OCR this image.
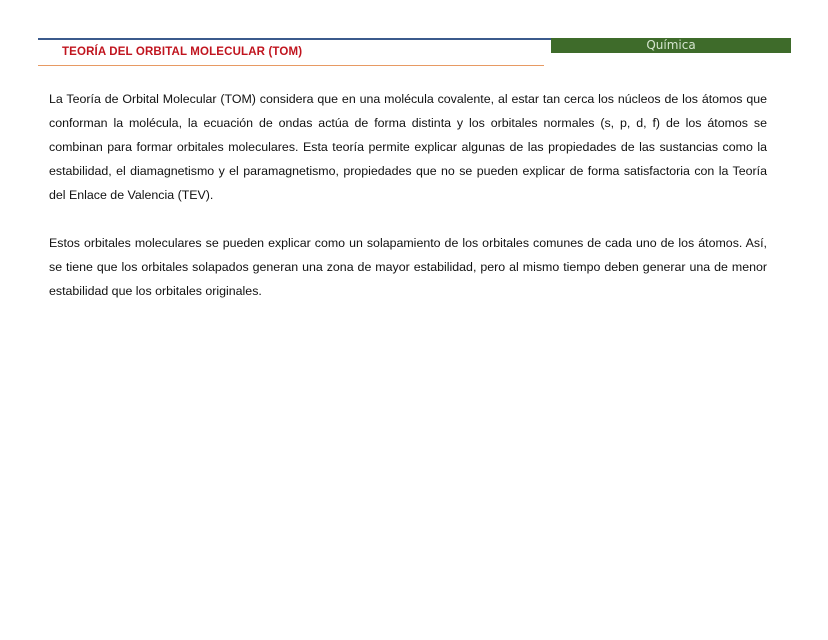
Química
TEORÍA DEL ORBITAL MOLECULAR (TOM)

La Teoría de Orbital Molecular (TOM) considera que en una molécula covalente, al estar tan cerca los núcleos de los átomos que conforman la molécula, la ecuación de ondas actúa de forma distinta y los orbitales normales (s, p, d, f) de los átomos se combinan para formar orbitales moleculares. Esta teoría permite explicar algunas de las propiedades de las sustancias como la estabilidad, el diamagnetismo y el paramagnetismo, propiedades que no se pueden explicar de forma satisfactoria con la Teoría del Enlace de Valencia (TEV).

Estos orbitales moleculares se pueden explicar como un solapamiento de los orbitales comunes de cada uno de los átomos. Así, se tiene que los orbitales solapados generan una zona de mayor estabilidad, pero al mismo tiempo deben generar una de menor estabilidad que los orbitales originales.
